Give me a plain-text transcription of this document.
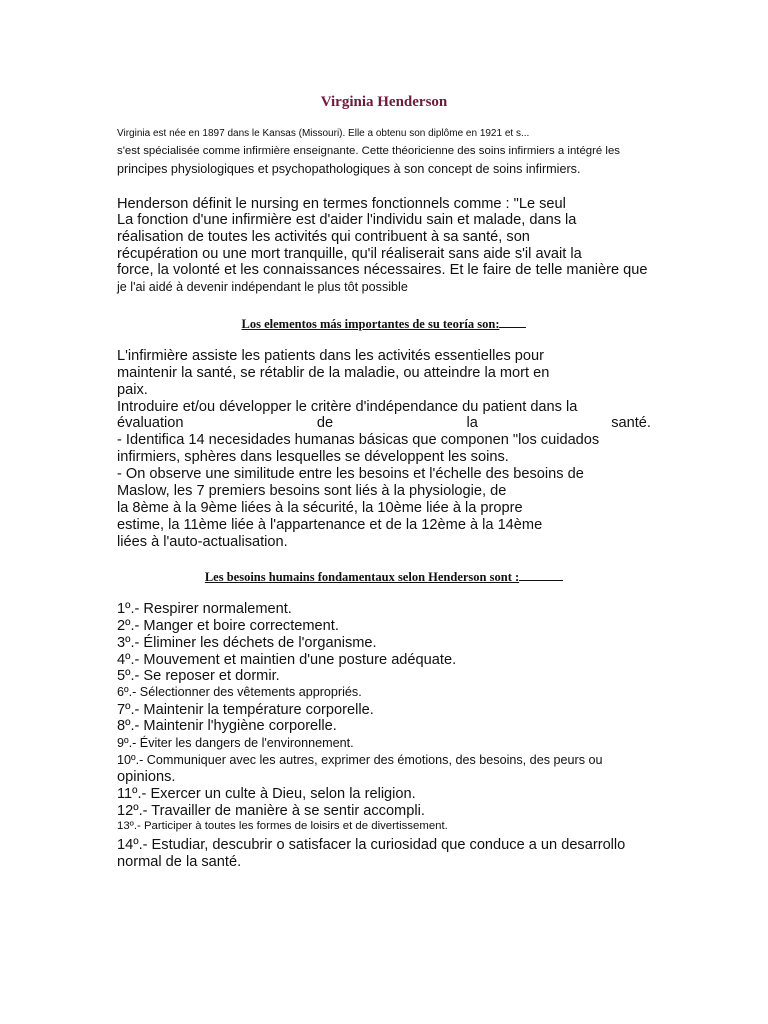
Virginia Henderson
Virginia est née en 1897 dans le Kansas (Missouri). Elle a obtenu son diplôme en 1921 et s...
s'est spécialisée comme infirmière enseignante. Cette théoricienne des soins infirmiers a intégré les
principes physiologiques et psychopathologiques à son concept de soins infirmiers.
Henderson définit le nursing en termes fonctionnels comme : "Le seul
La fonction d'une infirmière est d'aider l'individu sain et malade, dans la
réalisation de toutes les activités qui contribuent à sa santé, son
récupération ou une mort tranquille, qu'il réaliserait sans aide s'il avait la
force, la volonté et les connaissances nécessaires. Et le faire de telle manière que
je l'ai aidé à devenir indépendant le plus tôt possible
Los elementos más importantes de su teoría son:
L'infirmière assiste les patients dans les activités essentielles pour
maintenir la santé, se rétablir de la maladie, ou atteindre la mort en
paix.
Introduire et/ou développer le critère d'indépendance du patient dans la
évaluation	de	la	santé.
- Identifica 14 necesidades humanas básicas que componen "los cuidados
infirmiers, sphères dans lesquelles se développent les soins.
- On observe une similitude entre les besoins et l'échelle des besoins de
Maslow, les 7 premiers besoins sont liés à la physiologie, de
la 8ème à la 9ème liées à la sécurité, la 10ème liée à la propre
estime, la 11ème liée à l'appartenance et de la 12ème à la 14ème
liées à l'auto-actualisation.
Les besoins humains fondamentaux selon Henderson sont :
1º.- Respirer normalement.
2º.- Manger et boire correctement.
3º.- Éliminer les déchets de l'organisme.
4º.- Mouvement et maintien d'une posture adéquate.
5º.- Se reposer et dormir.
6º.- Sélectionner des vêtements appropriés.
7º.- Maintenir la température corporelle.
8º.- Maintenir l'hygiène corporelle.
9º.- Éviter les dangers de l'environnement.
10º.- Communiquer avec les autres, exprimer des émotions, des besoins, des peurs ou
opinions.
11º.- Exercer un culte à Dieu, selon la religion.
12º.- Travailler de manière à se sentir accompli.
13º.- Participer à toutes les formes de loisirs et de divertissement.
14º.- Estudiar, descubrir o satisfacer la curiosidad que conduce a un desarrollo
normal de la santé.
